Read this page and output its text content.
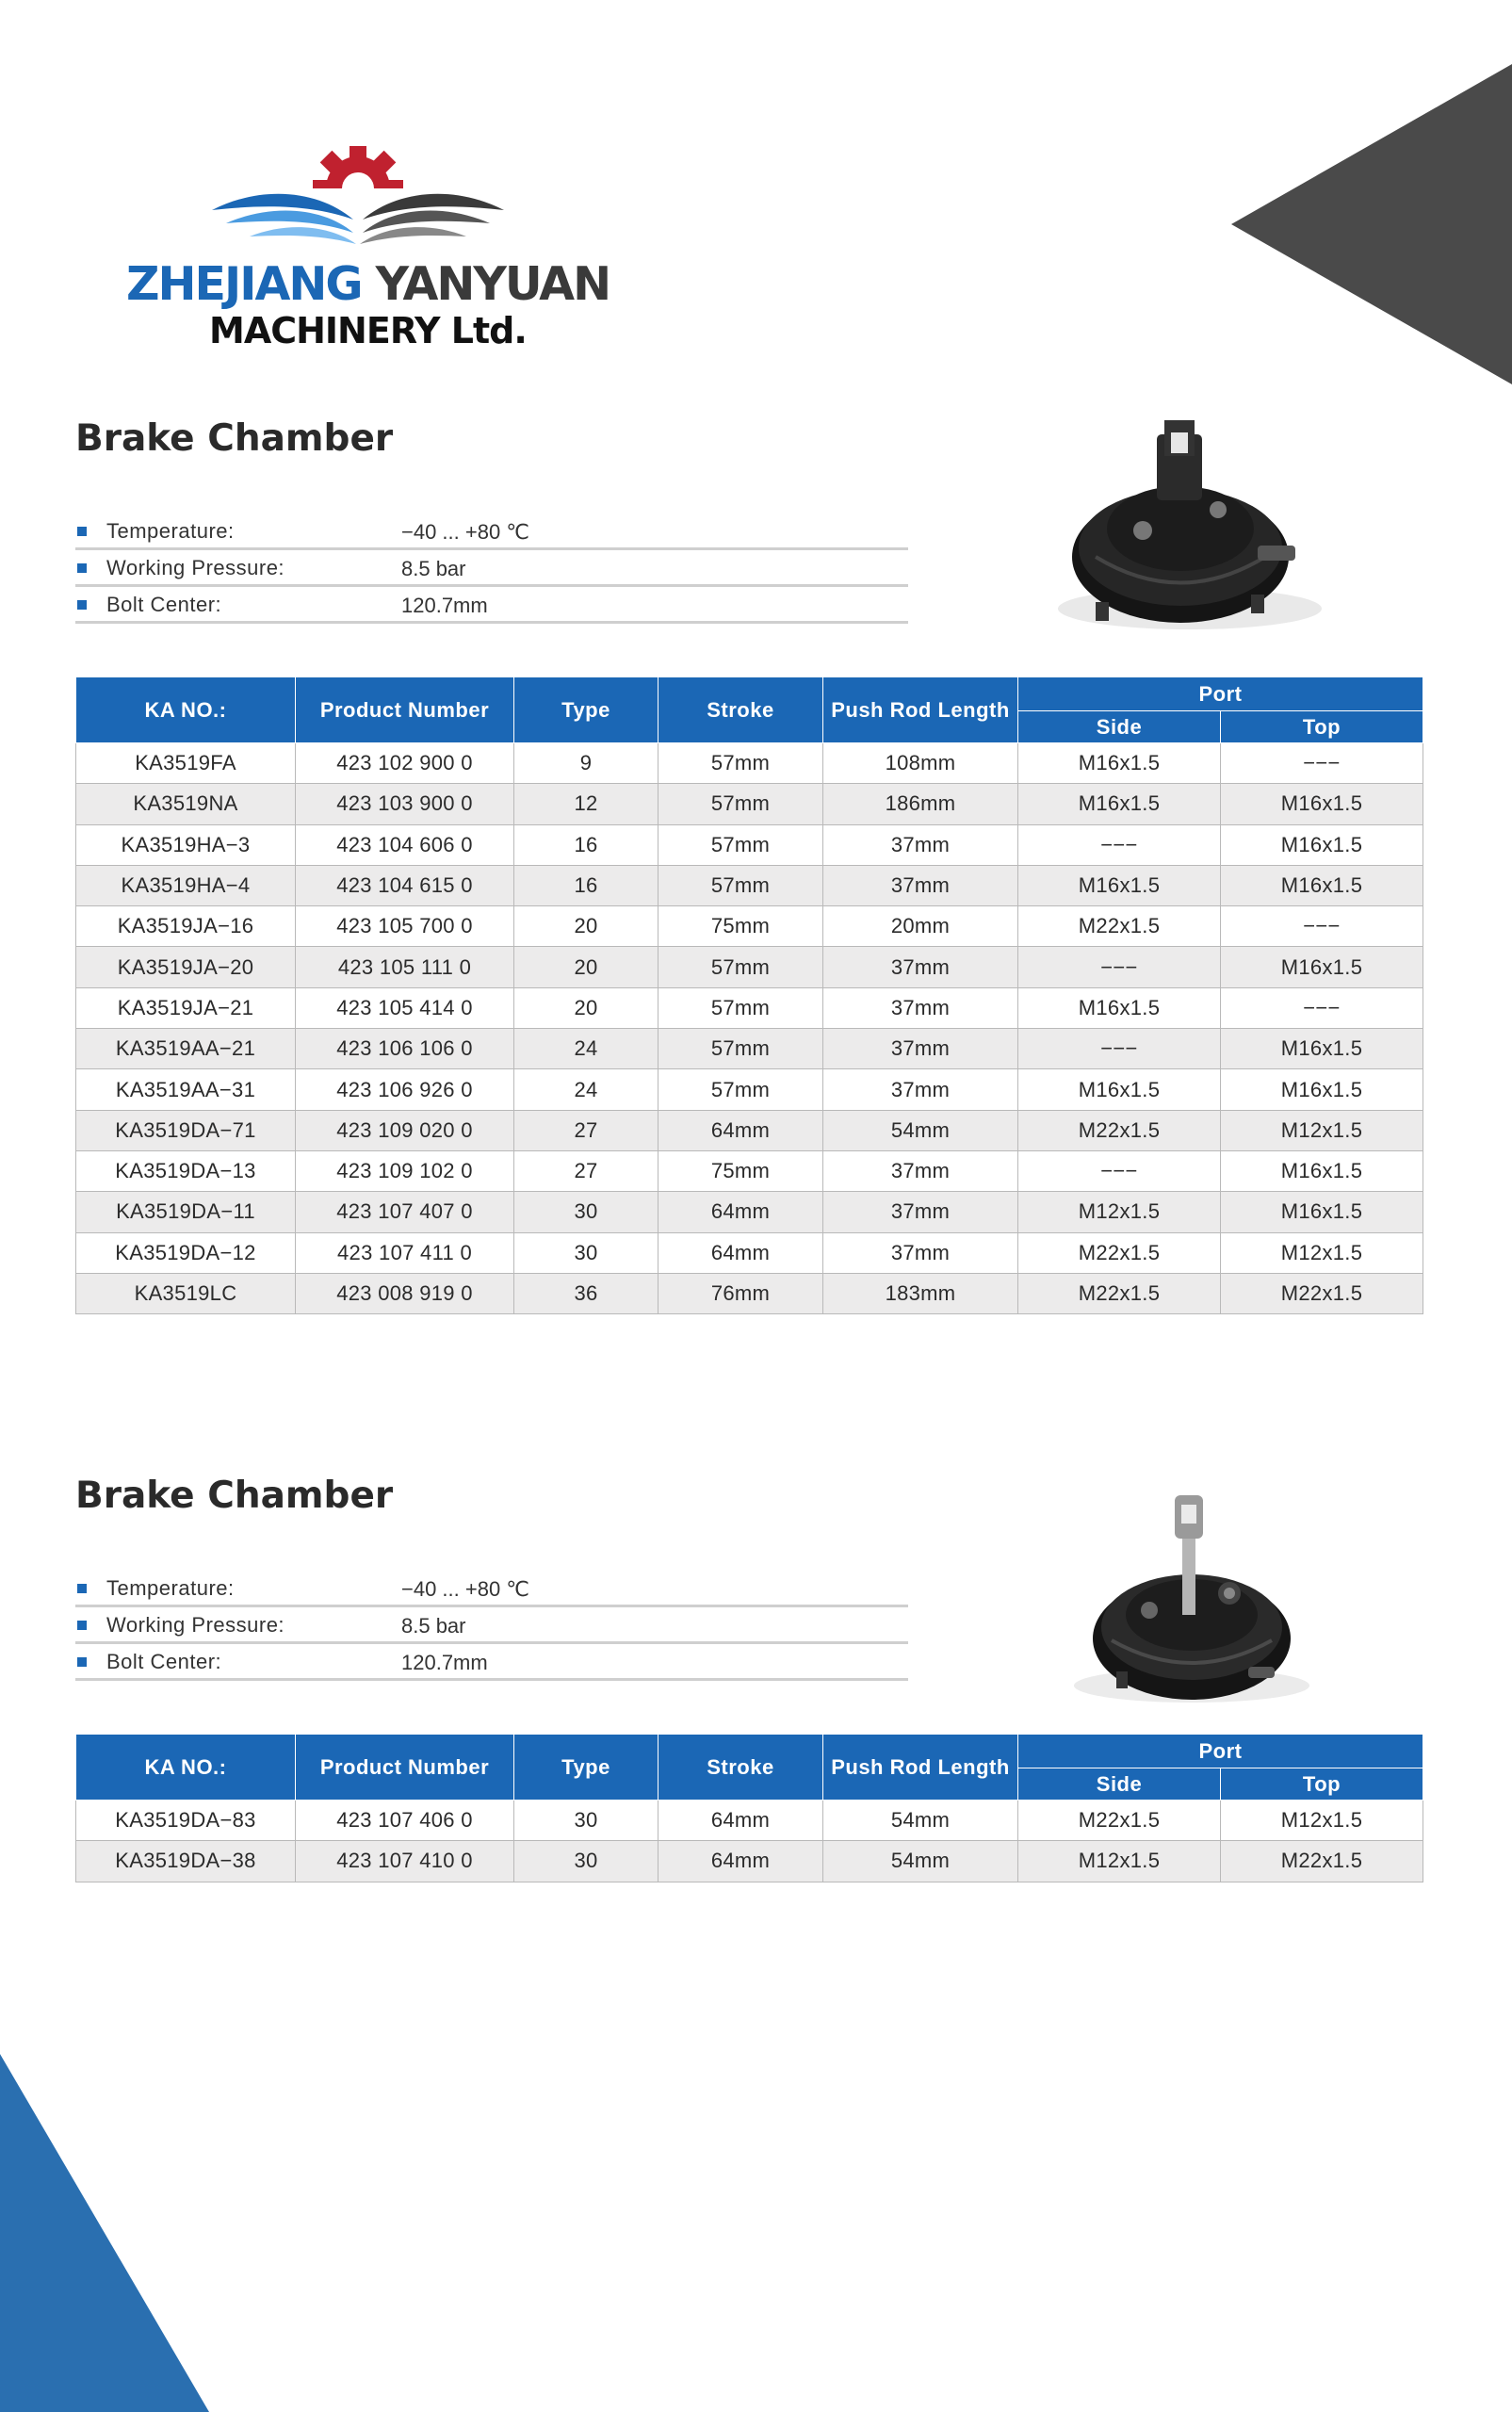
ZHEJIANG YANYUAN
MACHINERY Ltd.
Brake Chamber
Temperature:	−40 ... +80 ℃
Working Pressure:	8.5 bar
Bolt Center:	120.7mm
KA NO.:	Product Number	Type	Stroke	Push Rod Length	Port	
					Side	Top
KA3519FA	423 102 900 0	9	57mm	108mm	M16x1.5	−−−
KA3519NA	423 103 900 0	12	57mm	186mm	M16x1.5	M16x1.5
KA3519HA−3	423 104 606 0	16	57mm	37mm	−−−	M16x1.5
KA3519HA−4	423 104 615 0	16	57mm	37mm	M16x1.5	M16x1.5
KA3519JA−16	423 105 700 0	20	75mm	20mm	M22x1.5	−−−
KA3519JA−20	423 105 111 0	20	57mm	37mm	−−−	M16x1.5
KA3519JA−21	423 105 414 0	20	57mm	37mm	M16x1.5	−−−
KA3519AA−21	423 106 106 0	24	57mm	37mm	−−−	M16x1.5
KA3519AA−31	423 106 926 0	24	57mm	37mm	M16x1.5	M16x1.5
KA3519DA−71	423 109 020 0	27	64mm	54mm	M22x1.5	M12x1.5
KA3519DA−13	423 109 102 0	27	75mm	37mm	−−−	M16x1.5
KA3519DA−11	423 107 407 0	30	64mm	37mm	M12x1.5	M16x1.5
KA3519DA−12	423 107 411 0	30	64mm	37mm	M22x1.5	M12x1.5
KA3519LC	423 008 919 0	36	76mm	183mm	M22x1.5	M22x1.5
Brake Chamber
Temperature:	−40 ... +80 ℃
Working Pressure:	8.5 bar
Bolt Center:	120.7mm
KA NO.:	Product Number	Type	Stroke	Push Rod Length	Port	
					Side	Top
KA3519DA−83	423 107 406 0	30	64mm	54mm	M22x1.5	M12x1.5
KA3519DA−38	423 107 410 0	30	64mm	54mm	M12x1.5	M22x1.5
